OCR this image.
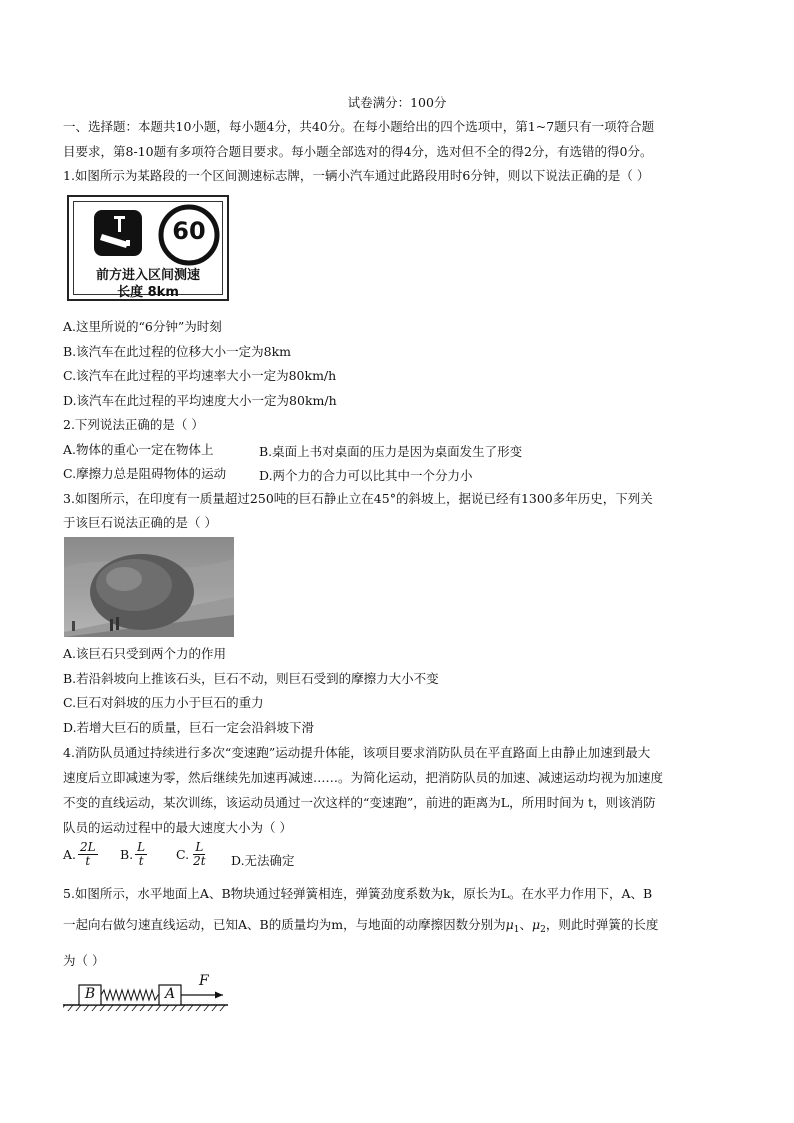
试卷满分：100分
一、选择题：本题共10小题，每小题4分，共40分。在每小题给出的四个选项中，第1~7题只有一项符合题
目要求，第8-10题有多项符合题目要求。每小题全部选对的得4分，选对但不全的得2分，有选错的得0分。
1.如图所示为某路段的一个区间测速标志牌，一辆小汽车通过此路段用时6分钟，则以下说法正确的是（ ）
60
前方进入区间测速
长度 8km
A.这里所说的“6分钟”为时刻
B.该汽车在此过程的位移大小一定为8km
C.该汽车在此过程的平均速率大小一定为80km/h
D.该汽车在此过程的平均速度大小一定为80km/h
2.下列说法正确的是（ ）
A.物体的重心一定在物体上	B.桌面上书对桌面的压力是因为桌面发生了形变
C.摩擦力总是阻碍物体的运动	D.两个力的合力可以比其中一个分力小
3.如图所示，在印度有一质量超过250吨的巨石静止立在45°的斜坡上，据说已经有1300多年历史，下列关
于该巨石说法正确的是（ ）
A.该巨石只受到两个力的作用
B.若沿斜坡向上推该石头，巨石不动，则巨石受到的摩擦力大小不变
C.巨石对斜坡的压力小于巨石的重力
D.若增大巨石的质量，巨石一定会沿斜坡下滑
4.消防队员通过持续进行多次“变速跑”运动提升体能，该项目要求消防队员在平直路面上由静止加速到最大
速度后立即减速为零，然后继续先加速再减速……。为简化运动，把消防队员的加速、减速运动均视为加速度
不变的直线运动，某次训练，该运动员通过一次这样的“变速跑”，前进的距离为L，所用时间为 t，则该消防
队员的运动过程中的最大速度大小为（ ）
A. $\frac{2L}{t} B$. $\frac{L}{t} C$. $\frac{L}{2t} D$.无法确定
5.如图所示，水平地面上A、B物块通过轻弹簧相连，弹簧劲度系数为k，原长为L。在水平力作用下，A、B
一起向右做匀速直线运动，已知A、B的质量均为m，与地面的动摩擦因数分别为$\mu_1$、$\mu_2$，则此时弹簧的长度
为（ ）
B	A
F
